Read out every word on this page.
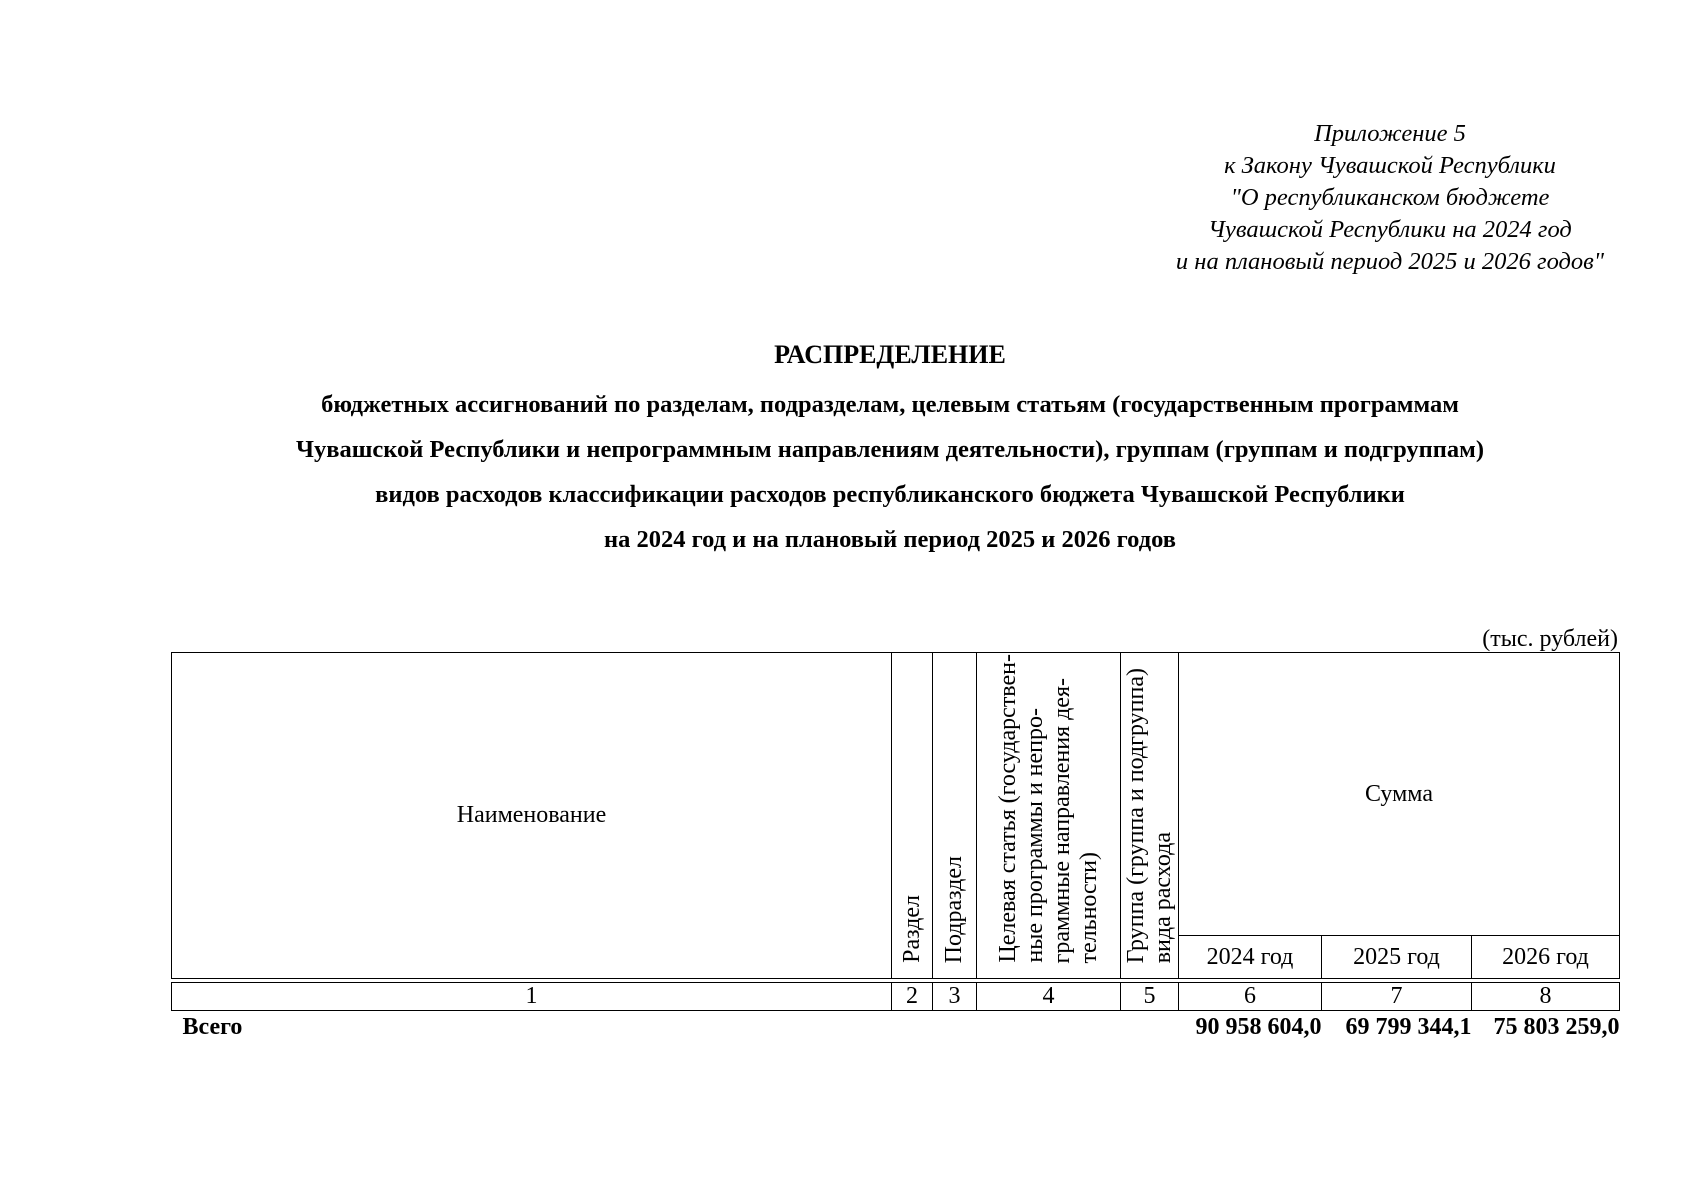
Приложение 5
к Закону Чувашской Республики
"О республиканском бюджете
Чувашской Республики на 2024 год
и на плановый период 2025 и 2026 годов"
РАСПРЕДЕЛЕНИЕ
бюджетных ассигнований по разделам, подразделам, целевым статьям (государственным программам
Чувашской Республики и непрограммным направлениям деятельности), группам (группам и подгруппам)
видов расходов классификации расходов республиканского бюджета Чувашской Республики
на 2024 год и на плановый период 2025 и 2026 годов
(тыс. рублей)
Наименование	Раздел	Подраздел	Целевая статья (государствен-ные программы и непро-граммные направления дея-тельности)	Группа (группа и подгруппа)вида расхода	Сумма		
					2024 год	2025 год	2026 год

1	2	3	4	5	6	7	8
Всего					90 958 604,0	69 799 344,1	75 803 259,0
